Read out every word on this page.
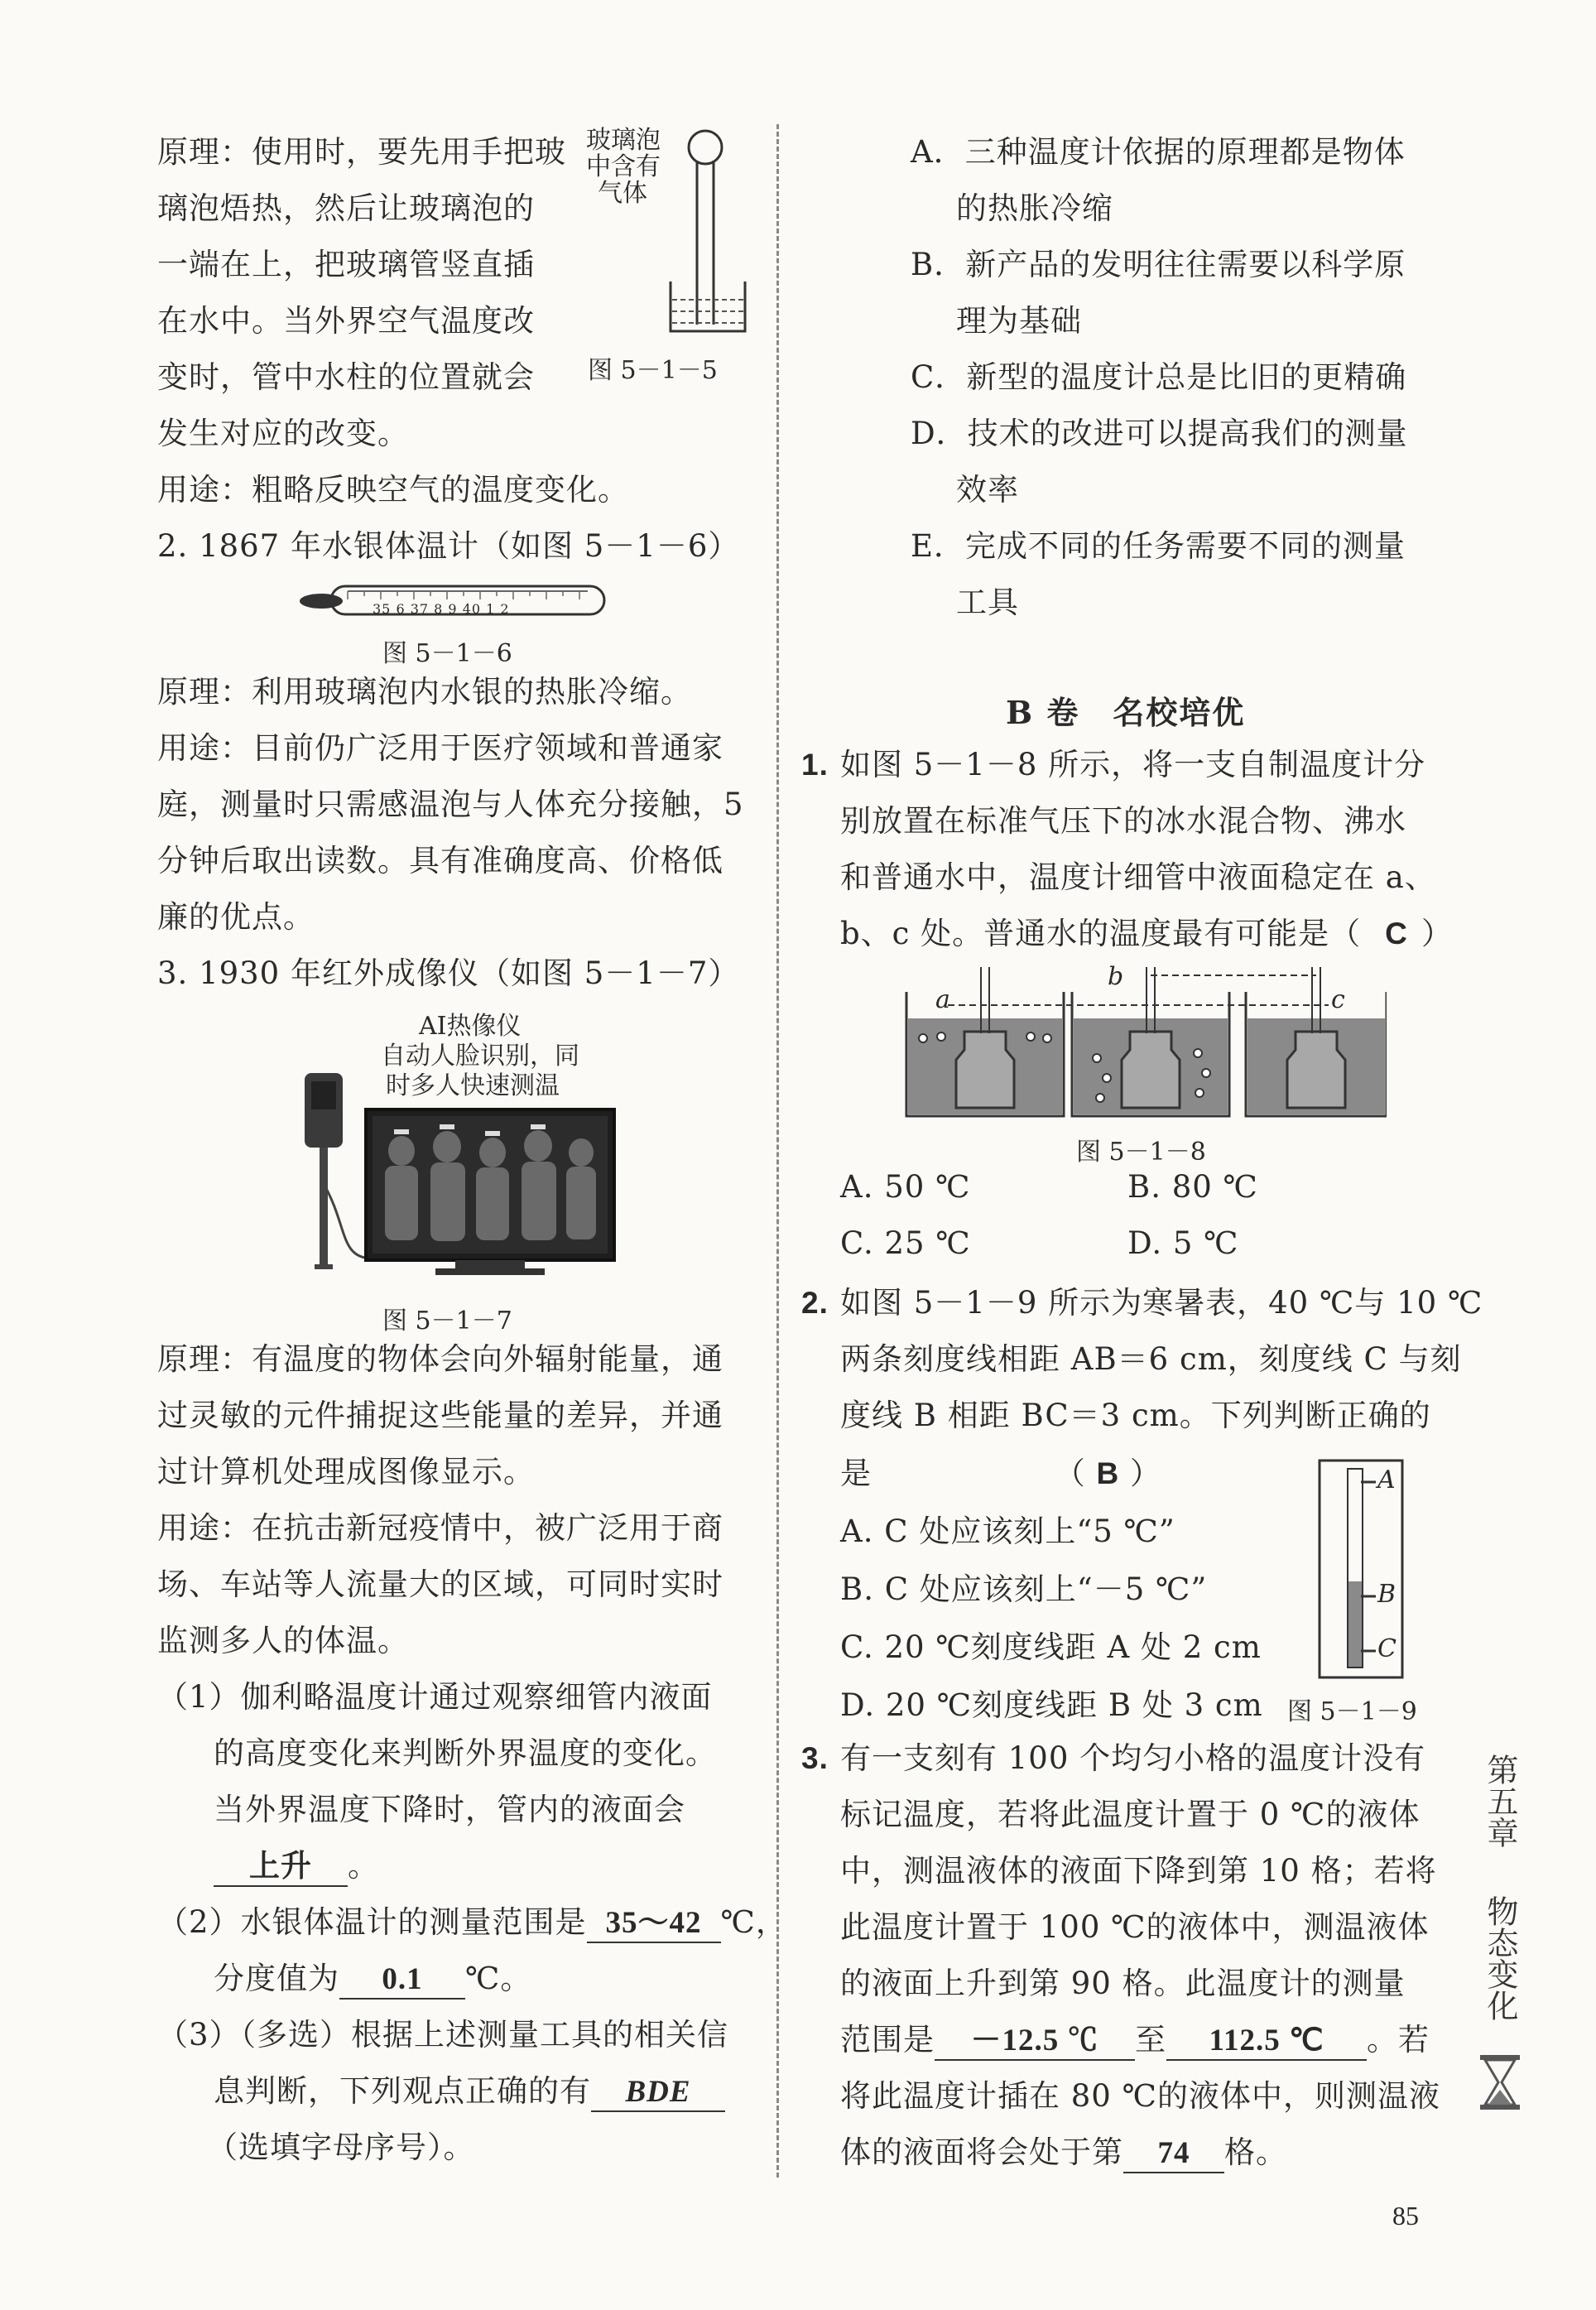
原理：使用时，要先用手把玻
璃泡焐热，然后让玻璃泡的
一端在上，把玻璃管竖直插
在水中。当外界空气温度改
变时，管中水柱的位置就会
发生对应的改变。
玻璃泡
中含有
气体
图 5－1－5
用途：粗略反映空气的温度变化。
2. 1867 年水银体温计（如图 5－1－6）
35 6 37 8 9 40 1 2
图 5－1－6
原理：利用玻璃泡内水银的热胀冷缩。
用途：目前仍广泛用于医疗领域和普通家
庭，测量时只需感温泡与人体充分接触，5
分钟后取出读数。具有准确度高、价格低
廉的优点。
3. 1930 年红外成像仪（如图 5－1－7）
AI热像仪
自动人脸识别，同
时多人快速测温
图 5－1－7
原理：有温度的物体会向外辐射能量，通
过灵敏的元件捕捉这些能量的差异，并通
过计算机处理成图像显示。
用途：在抗击新冠疫情中，被广泛用于商
场、车站等人流量大的区域，可同时实时
监测多人的体温。
（1）伽利略温度计通过观察细管内液面
的高度变化来判断外界温度的变化。
当外界温度下降时，管内的液面会
上升 。
（2）水银体温计的测量范围是 35～42 ℃，
分度值为 0.1 ℃。
（3）（多选）根据上述测量工具的相关信
息判断，下列观点正确的有 BDE
（选填字母序号）。
A．三种温度计依据的原理都是物体
的热胀冷缩
B．新产品的发明往往需要以科学原
理为基础
C．新型的温度计总是比旧的更精确
D．技术的改进可以提高我们的测量
效率
E．完成不同的任务需要不同的测量
工具
B 卷　名校培优
1. 如图 5－1－8 所示，将一支自制温度计分
别放置在标准气压下的冰水混合物、沸水
和普通水中，温度计细管中液面稳定在 a、
b、c 处。普通水的温度最有可能是（ C ）
a
b
c
图 5－1－8
A. 50 ℃	B. 80 ℃
C. 25 ℃	D. 5 ℃
2. 如图 5－1－9 所示为寒暑表，40 ℃与 10 ℃
两条刻度线相距 AB＝6 cm，刻度线 C 与刻
度线 B 相距 BC＝3 cm。下列判断正确的
是	（ B ）
A. C 处应该刻上“5 ℃”
B. C 处应该刻上“－5 ℃”
C. 20 ℃刻度线距 A 处 2 cm
D. 20 ℃刻度线距 B 处 3 cm
A
B
C
图 5－1－9
3. 有一支刻有 100 个均匀小格的温度计没有
标记温度，若将此温度计置于 0 ℃的液体
中，测温液体的液面下降到第 10 格；若将
此温度计置于 100 ℃的液体中，测温液体
的液面上升到第 90 格。此温度计的测量
范围是 －12.5 ℃ 至 112.5 ℃ 。若
将此温度计插在 80 ℃的液体中，则测温液
体的液面将会处于第 74 格。
第五章
物态变化
85
